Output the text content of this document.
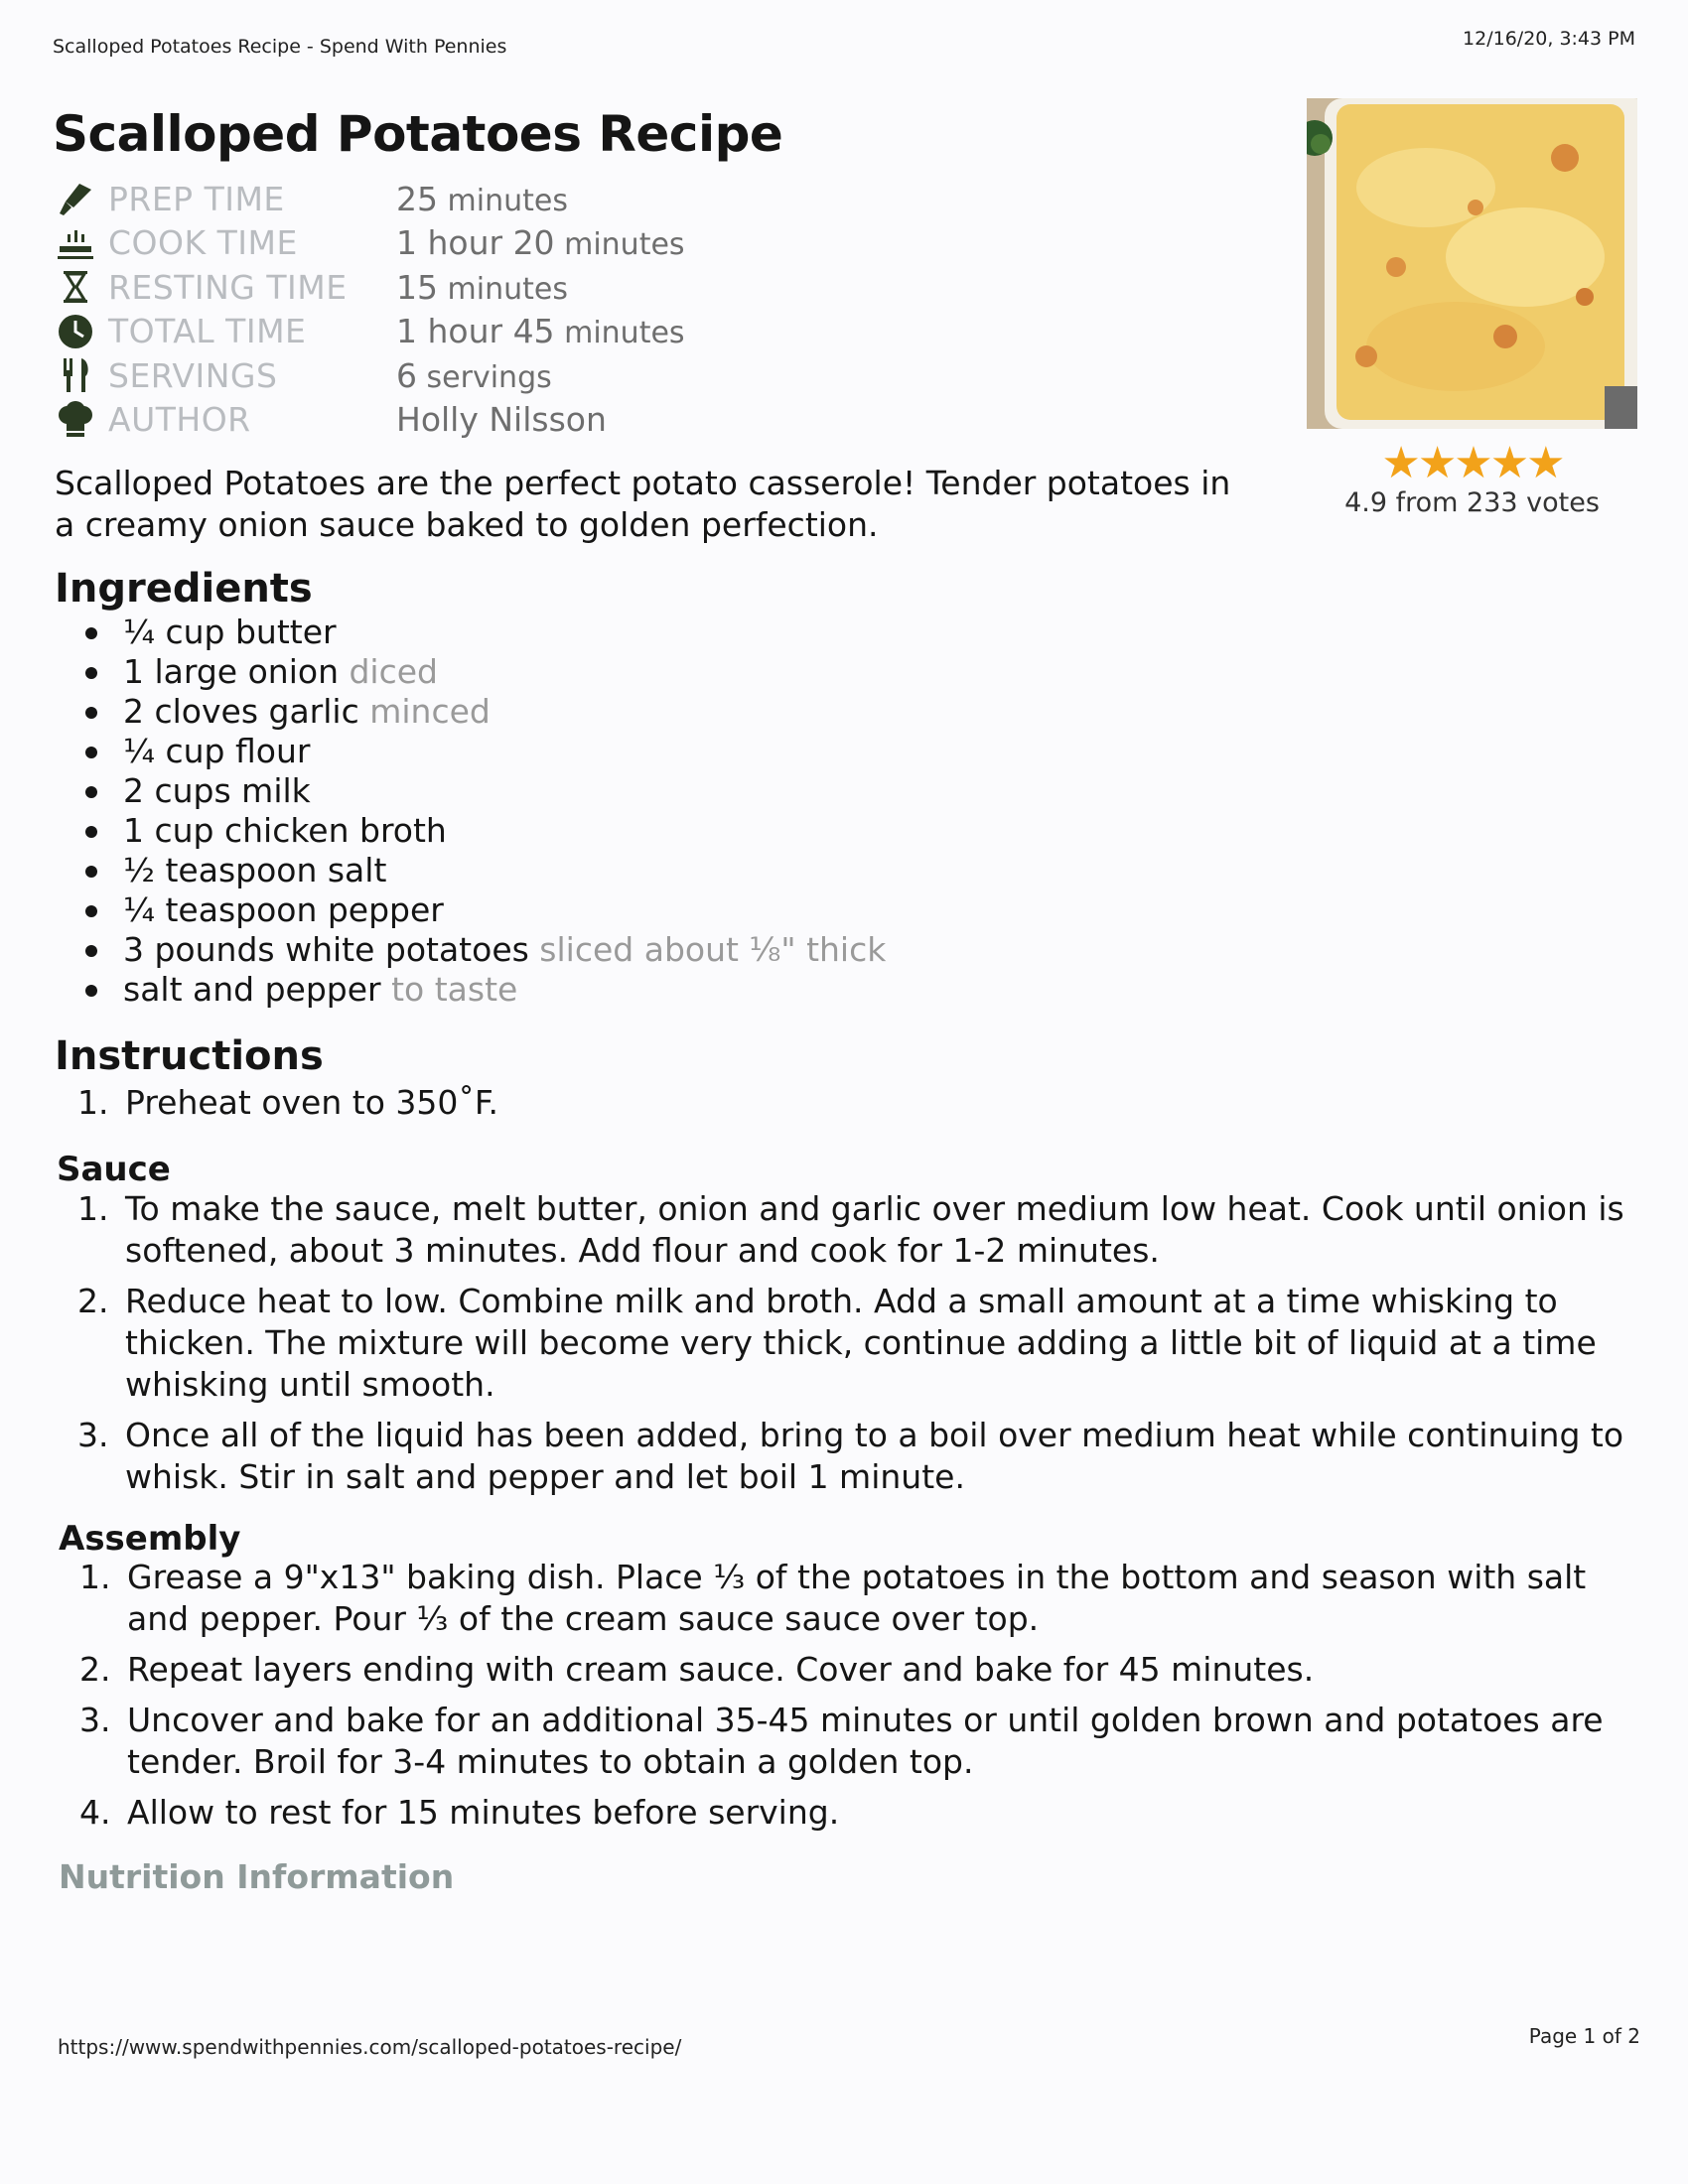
Scalloped Potatoes Recipe - Spend With Pennies	12/16/20, 3:43 PM
Scalloped Potatoes Recipe
PREP TIME	25 minutes
COOK TIME	1 hour 20 minutes
RESTING TIME	15 minutes
TOTAL TIME	1 hour 45 minutes
SERVINGS	6 servings
AUTHOR	Holly Nilsson
★★★★★
4.9 from 233 votes

Scalloped Potatoes are the perfect potato casserole! Tender potatoes in a creamy onion sauce baked to golden perfection.

Ingredients
¼ cup butter
1 large onion diced
2 cloves garlic minced
¼ cup flour
2 cups milk
1 cup chicken broth
½ teaspoon salt
¼ teaspoon pepper
3 pounds white potatoes sliced about ⅛" thick
salt and pepper to taste
Instructions
1. Preheat oven to 350˚F.
Sauce
1. To make the sauce, melt butter, onion and garlic over medium low heat. Cook until onion is softened, about 3 minutes. Add flour and cook for 1-2 minutes.
2. Reduce heat to low. Combine milk and broth. Add a small amount at a time whisking to thicken. The mixture will become very thick, continue adding a little bit of liquid at a time whisking until smooth.
3. Once all of the liquid has been added, bring to a boil over medium heat while continuing to whisk. Stir in salt and pepper and let boil 1 minute.
Assembly
1. Grease a 9"x13" baking dish. Place ⅓ of the potatoes in the bottom and season with salt and pepper. Pour ⅓ of the cream sauce sauce over top.
2. Repeat layers ending with cream sauce. Cover and bake for 45 minutes.
3. Uncover and bake for an additional 35-45 minutes or until golden brown and potatoes are tender. Broil for 3-4 minutes to obtain a golden top.
4. Allow to rest for 15 minutes before serving.
Nutrition Information
https://www.spendwithpennies.com/scalloped-potatoes-recipe/	Page 1 of 2
